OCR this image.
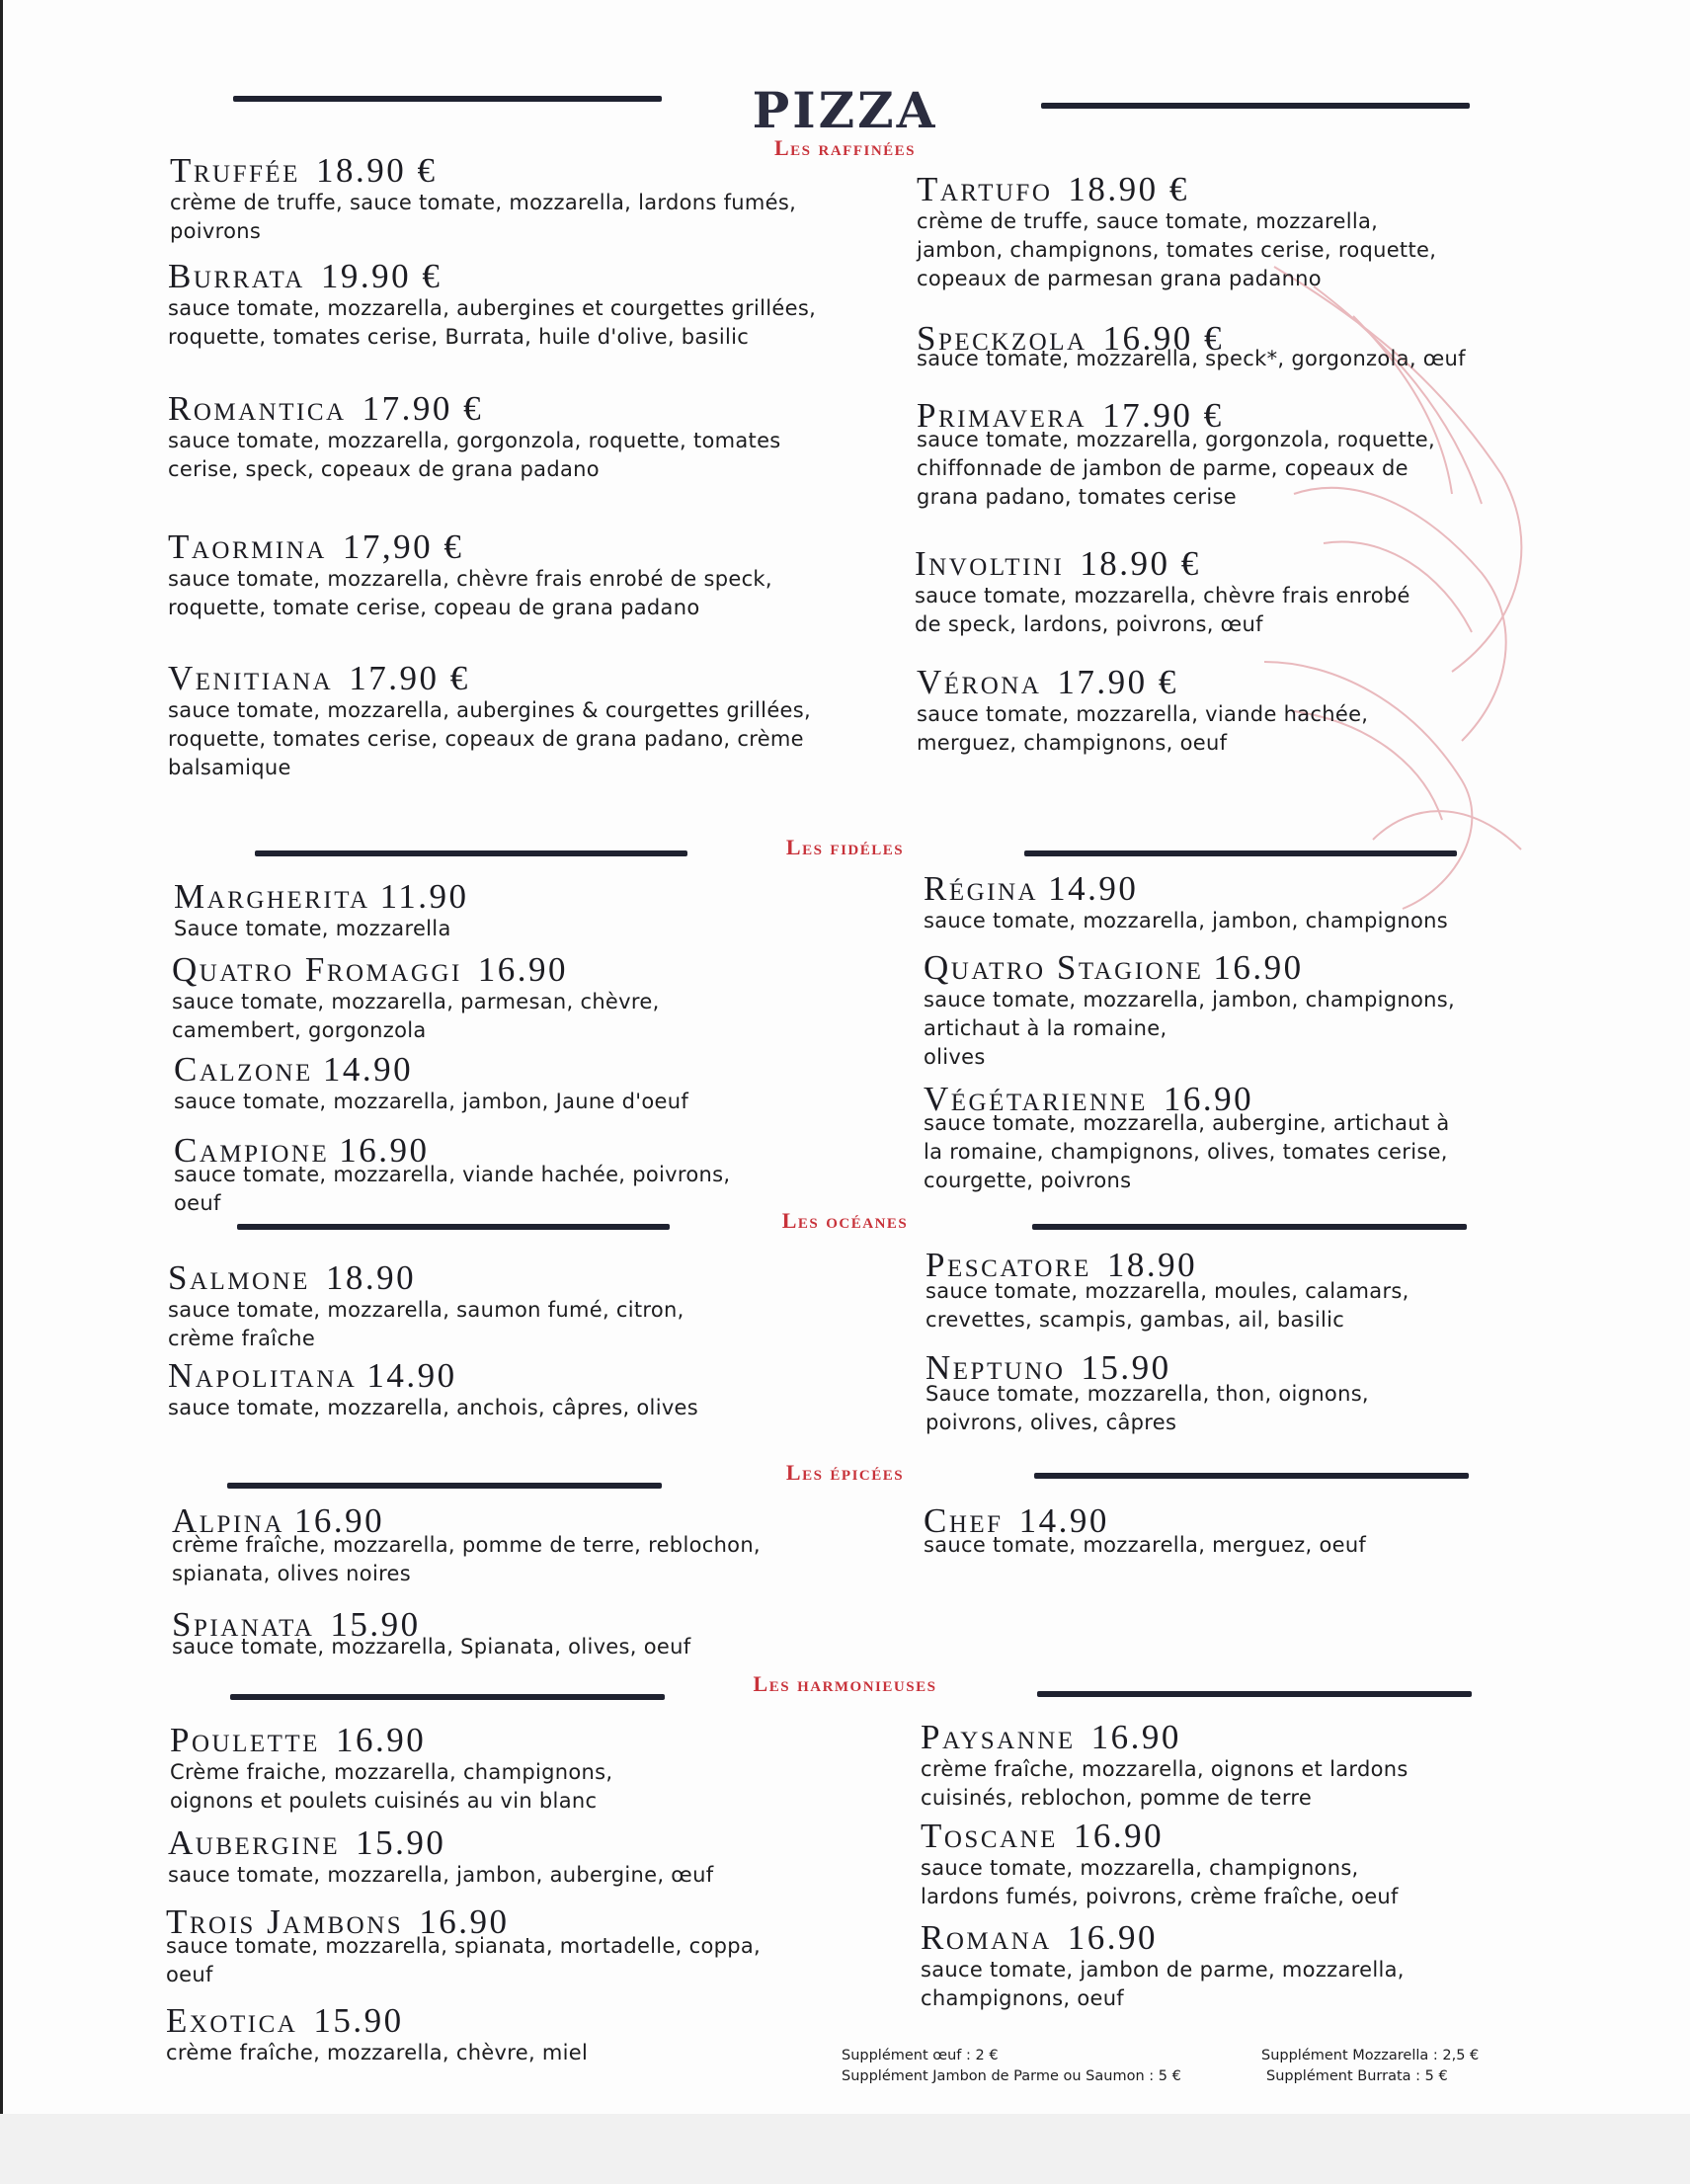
PIZZA
Les raffinées
Les fidéles
Les océanes
Les épicées
Les harmonieuses
Truffée 18.90 €
crème de truffe, sauce tomate, mozzarella, lardons fumés,
poivrons
Burrata 19.90 €
sauce tomate, mozzarella, aubergines et courgettes grillées,
roquette, tomates cerise, Burrata, huile d'olive, basilic
Romantica 17.90 €
sauce tomate, mozzarella, gorgonzola, roquette, tomates
cerise, speck, copeaux de grana padano
Taormina 17,90 €
sauce tomate, mozzarella, chèvre frais enrobé de speck,
roquette, tomate cerise, copeau de grana padano
Venitiana 17.90 €
sauce tomate, mozzarella, aubergines & courgettes grillées,
roquette, tomates cerise, copeaux de grana padano, crème
balsamique
Tartufo 18.90 €
crème de truffe, sauce tomate, mozzarella,
jambon, champignons, tomates cerise, roquette,
copeaux de parmesan grana padanno
Speckzola 16.90 €
sauce tomate, mozzarella, speck*, gorgonzola, œuf
Primavera 17.90 €
sauce tomate, mozzarella, gorgonzola, roquette,
chiffonnade de jambon de parme, copeaux de
grana padano, tomates cerise
Involtini 18.90 €
sauce tomate, mozzarella, chèvre frais enrobé
de speck, lardons, poivrons, œuf
Vérona 17.90 €
sauce tomate, mozzarella, viande hachée,
merguez, champignons, oeuf
Margherita 11.90
Sauce tomate, mozzarella
Quatro Fromaggi 16.90
sauce tomate, mozzarella, parmesan, chèvre,
camembert, gorgonzola
Calzone 14.90
sauce tomate, mozzarella, jambon, Jaune d'oeuf
Campione 16.90
sauce tomate, mozzarella, viande hachée, poivrons,
oeuf
Régina 14.90
sauce tomate, mozzarella, jambon, champignons
Quatro Stagione 16.90
sauce tomate, mozzarella, jambon, champignons,
artichaut à la romaine,
olives
Végétarienne 16.90
sauce tomate, mozzarella, aubergine, artichaut à
la romaine, champignons, olives, tomates cerise,
courgette, poivrons
Salmone 18.90
sauce tomate, mozzarella, saumon fumé, citron,
crème fraîche
Napolitana 14.90
sauce tomate, mozzarella, anchois, câpres, olives
Pescatore 18.90
sauce tomate, mozzarella, moules, calamars,
crevettes, scampis, gambas, ail, basilic
Neptuno 15.90
Sauce tomate, mozzarella, thon, oignons,
poivrons, olives, câpres
Alpina 16.90
crème fraîche, mozzarella, pomme de terre, reblochon,
spianata, olives noires
Spianata 15.90
sauce tomate, mozzarella, Spianata, olives, oeuf
Chef 14.90
sauce tomate, mozzarella, merguez, oeuf
Poulette 16.90
Crème fraiche, mozzarella, champignons,
oignons et poulets cuisinés au vin blanc
Aubergine 15.90
sauce tomate, mozzarella, jambon, aubergine, œuf
Trois Jambons 16.90
sauce tomate, mozzarella, spianata, mortadelle, coppa,
oeuf
Exotica 15.90
crème fraîche, mozzarella, chèvre, miel
Paysanne 16.90
crème fraîche, mozzarella, oignons et lardons
cuisinés, reblochon, pomme de terre
Toscane 16.90
sauce tomate, mozzarella, champignons,
lardons fumés, poivrons, crème fraîche, oeuf
Romana 16.90
sauce tomate, jambon de parme, mozzarella,
champignons, oeuf
Supplément œuf : 2 €
Supplément Jambon de Parme ou Saumon : 5 €
Supplément Mozzarella : 2,5 €
Supplément Burrata : 5 €
